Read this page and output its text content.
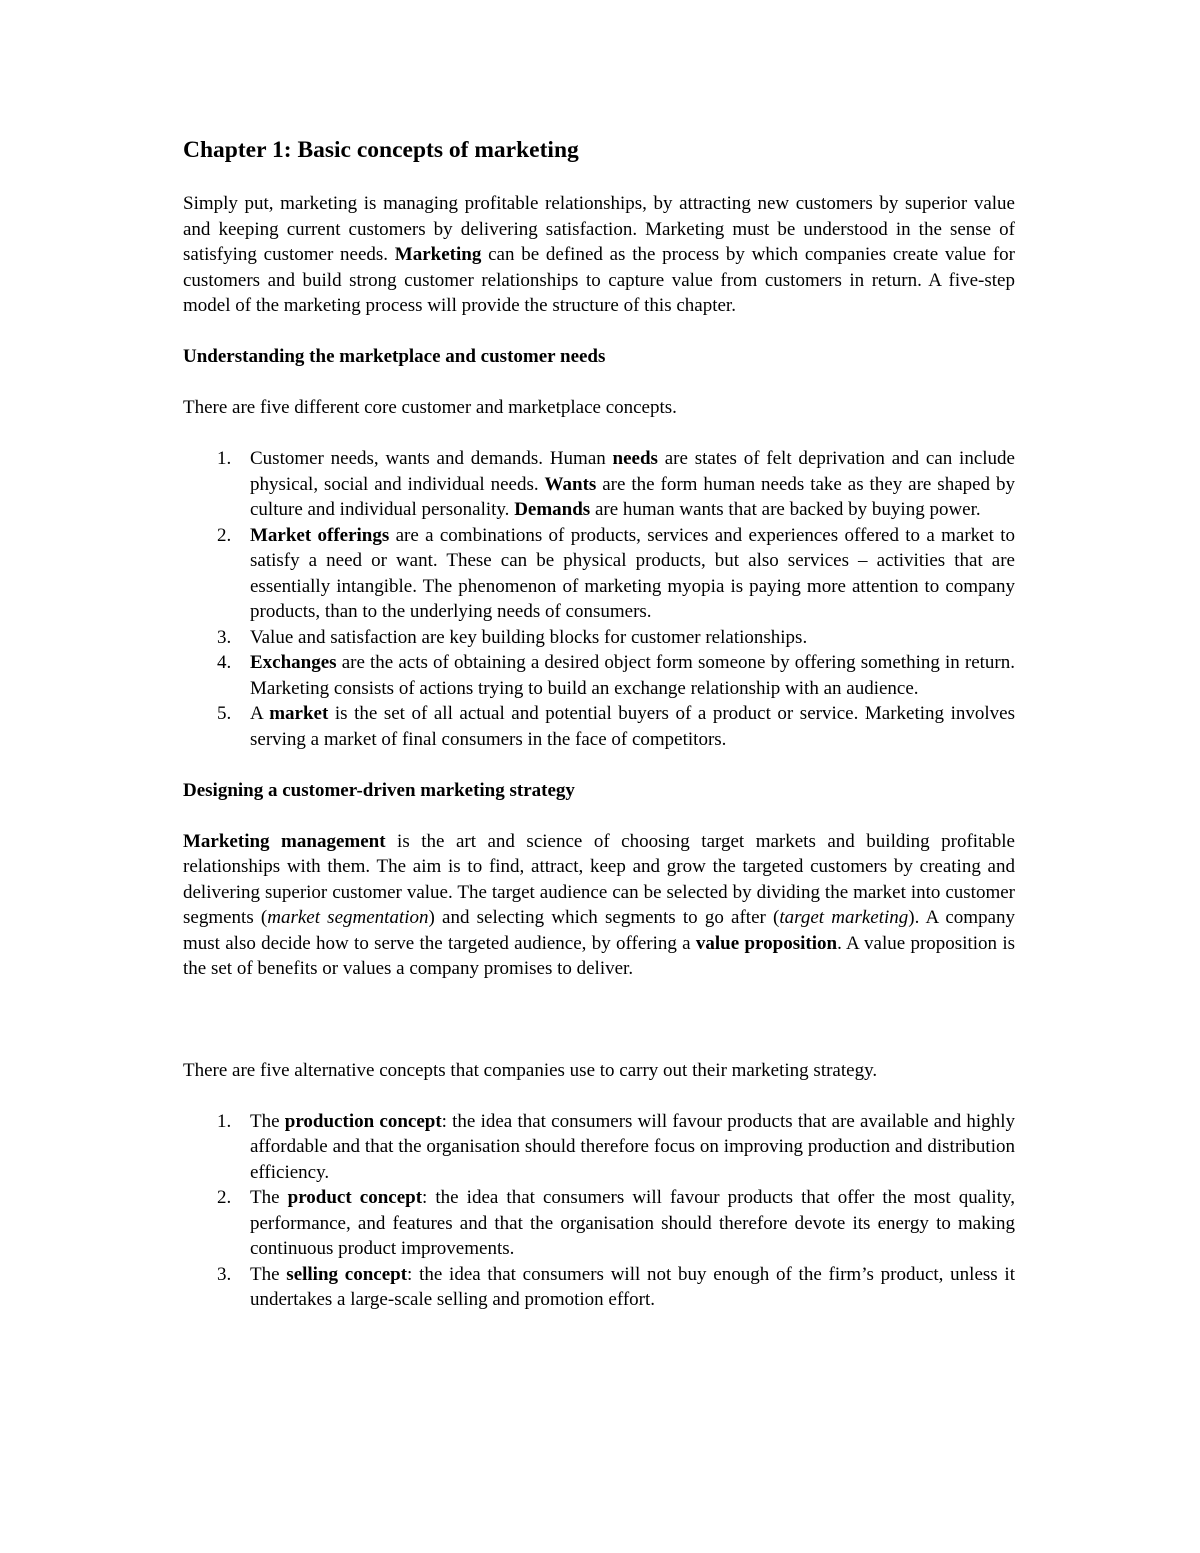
Chapter 1: Basic concepts of marketing

Simply put, marketing is managing profitable relationships, by attracting new customers by superior value and keeping current customers by delivering satisfaction. Marketing must be understood in the sense of satisfying customer needs. Marketing can be defined as the process by which companies create value for customers and build strong customer relationships to capture value from customers in return. A five-step model of the marketing process will provide the structure of this chapter.

Understanding the marketplace and customer needs

There are five different core customer and marketplace concepts.

1. Customer needs, wants and demands. Human needs are states of felt deprivation and can include physical, social and individual needs. Wants are the form human needs take as they are shaped by culture and individual personality. Demands are human wants that are backed by buying power.
2. Market offerings are a combinations of products, services and experiences offered to a market to satisfy a need or want. These can be physical products, but also services – activities that are essentially intangible. The phenomenon of marketing myopia is paying more attention to company products, than to the underlying needs of consumers.
3. Value and satisfaction are key building blocks for customer relationships.
4. Exchanges are the acts of obtaining a desired object form someone by offering something in return. Marketing consists of actions trying to build an exchange relationship with an audience.
5. A market is the set of all actual and potential buyers of a product or service. Marketing involves serving a market of final consumers in the face of competitors.
Designing a customer-driven marketing strategy

Marketing management is the art and science of choosing target markets and building profitable relationships with them. The aim is to find, attract, keep and grow the targeted customers by creating and delivering superior customer value. The target audience can be selected by dividing the market into customer segments (market segmentation) and selecting which segments to go after (target marketing). A company must also decide how to serve the targeted audience, by offering a value proposition. A value proposition is the set of benefits or values a company promises to deliver.

There are five alternative concepts that companies use to carry out their marketing strategy.

1. The production concept: the idea that consumers will favour products that are available and highly affordable and that the organisation should therefore focus on improving production and distribution efficiency.
2. The product concept: the idea that consumers will favour products that offer the most quality, performance, and features and that the organisation should therefore devote its energy to making continuous product improvements.
3. The selling concept: the idea that consumers will not buy enough of the firm’s product, unless it undertakes a large-scale selling and promotion effort.
